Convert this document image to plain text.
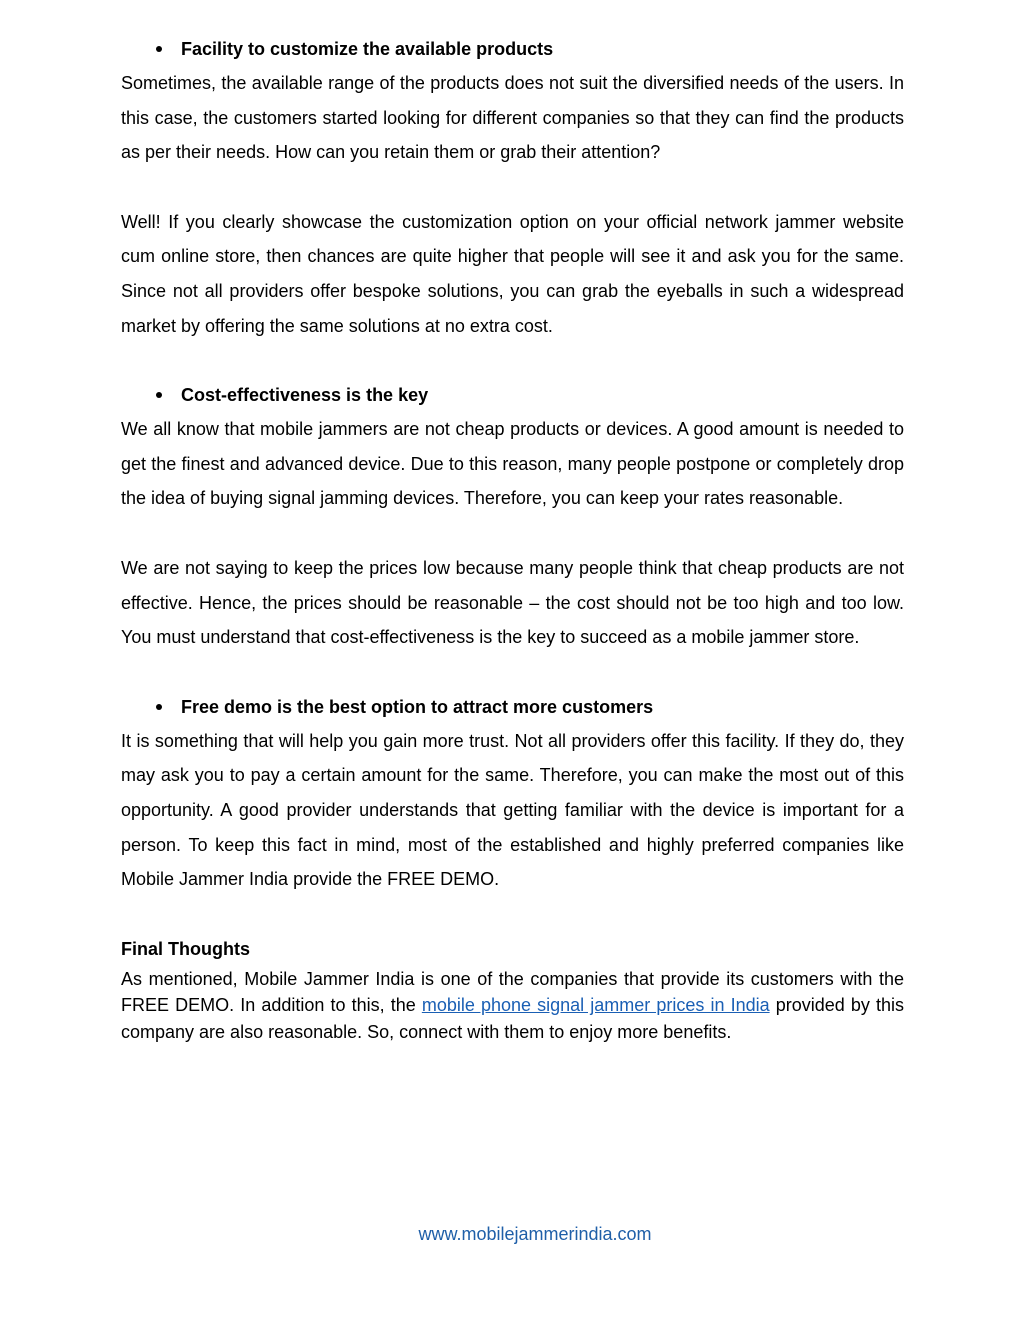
Facility to customize the available products

Sometimes, the available range of the products does not suit the diversified needs of the users. In this case, the customers started looking for different companies so that they can find the products as per their needs. How can you retain them or grab their attention?

Well! If you clearly showcase the customization option on your official network jammer website cum online store, then chances are quite higher that people will see it and ask you for the same. Since not all providers offer bespoke solutions, you can grab the eyeballs in such a widespread market by offering the same solutions at no extra cost.

Cost-effectiveness is the key

We all know that mobile jammers are not cheap products or devices. A good amount is needed to get the finest and advanced device. Due to this reason, many people postpone or completely drop the idea of buying signal jamming devices. Therefore, you can keep your rates reasonable.

We are not saying to keep the prices low because many people think that cheap products are not effective. Hence, the prices should be reasonable – the cost should not be too high and too low. You must understand that cost-effectiveness is the key to succeed as a mobile jammer store.

Free demo is the best option to attract more customers

It is something that will help you gain more trust. Not all providers offer this facility. If they do, they may ask you to pay a certain amount for the same. Therefore, you can make the most out of this opportunity. A good provider understands that getting familiar with the device is important for a person. To keep this fact in mind, most of the established and highly preferred companies like Mobile Jammer India provide the FREE DEMO.

Final Thoughts

As mentioned, Mobile Jammer India is one of the companies that provide its customers with the FREE DEMO. In addition to this, the mobile phone signal jammer prices in India provided by this company are also reasonable. So, connect with them to enjoy more benefits.

www.mobilejammerindia.com
